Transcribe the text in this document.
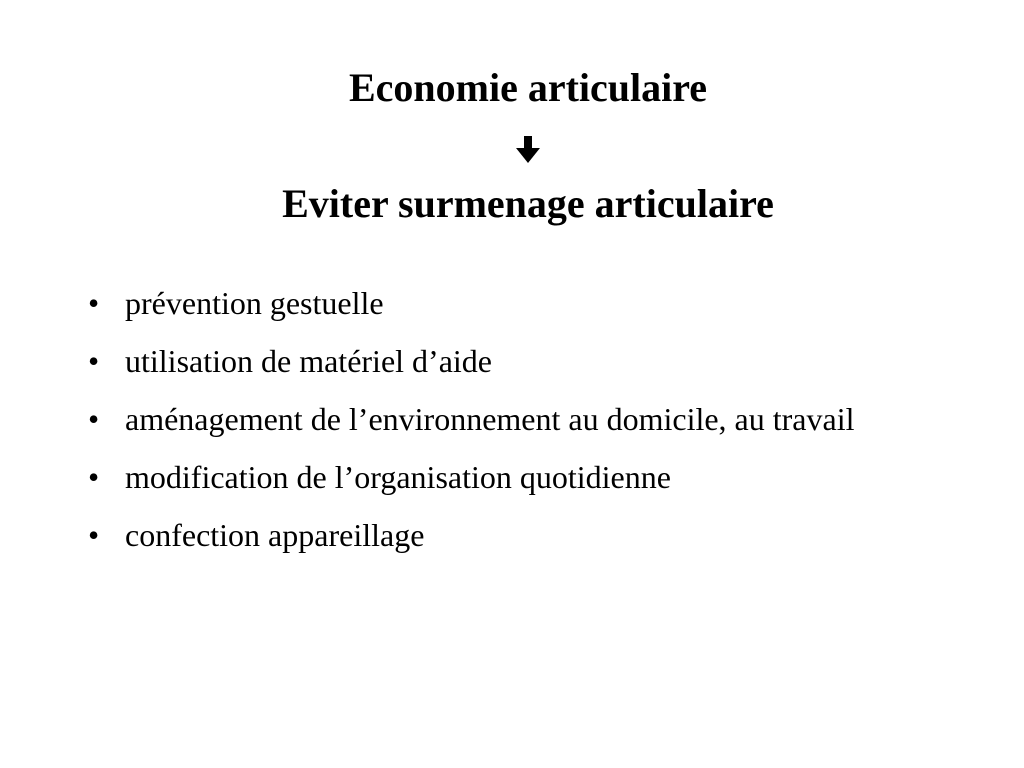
Economie articulaire
Eviter surmenage articulaire
• prévention gestuelle
• utilisation de matériel d’aide
• aménagement de l’environnement au domicile, au travail
• modification de l’organisation quotidienne
• confection appareillage
